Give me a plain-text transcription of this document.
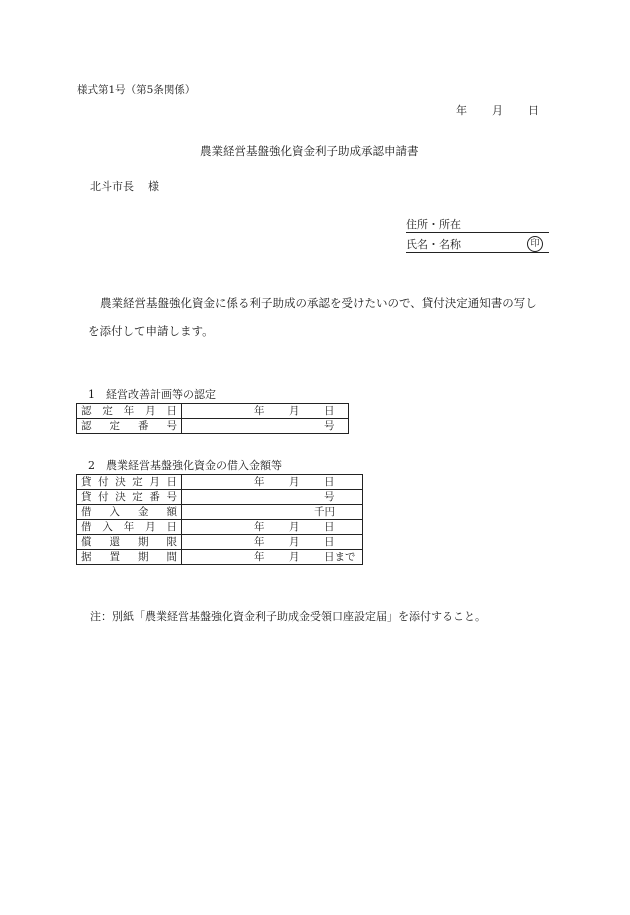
様式第1号（第5条関係）
年	月	日
農業経営基盤強化資金利子助成承認申請書
北斗市長 様
住所・所在
氏名・名称	印
農業経営基盤強化資金に係る利子助成の承認を受けたいので、貸付決定通知書の写し
を添付して申請します。
1　経営改善計画等の認定
認定年月日	年 月 日

認定番号	号
2　農業経営基盤強化資金の借入金額等
貸付決定月日	年 月 日

貸付決定番号	号

借入金額	千円

借入年月日	年 月 日

償還期限	年 月 日

据置期間	年 月 日まで
注：別紙「農業経営基盤強化資金利子助成金受領口座設定届」を添付すること。
